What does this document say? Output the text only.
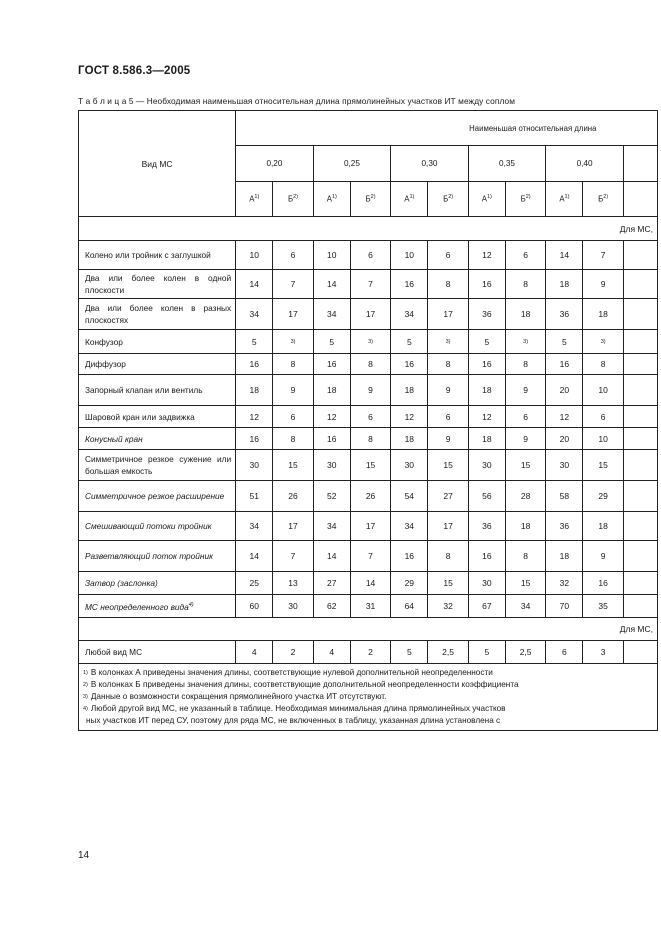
ГОСТ 8.586.3—2005
Т а б л и ц а 5 — Необходимая наименьшая относительная длина прямолинейных участков ИТ между соплом
Вид МС	Наименьшая относительная длина										
	0,20		0,25		0,30		0,35		0,40		
	$А^{1)}$	$Б^{2)}$	$А^{1)}$	$Б^{2)}$	$А^{1)}$	$Б^{2)}$	$А^{1)}$	$Б^{2)}$	$А^{1)}$	$Б^{2)}$	
Для МС,											
Колено или тройник с заглушкой	10	6	10	6	10	6	12	6	14	7	
Два или более колен в одной плоскости	14	7	14	7	16	8	16	8	18	9	
Два или более колен в разных плоскостях	34	17	34	17	34	17	36	18	36	18	
Конфузор	5	3)	5	3)	5	3)	5	3)	5	3)	
Диффузор	16	8	16	8	16	8	16	8	16	8	
Запорный клапан или вентиль	18	9	18	9	18	9	18	9	20	10	
Шаровой кран или задвижка	12	6	12	6	12	6	12	6	12	6	
Конусный кран	16	8	16	8	18	9	18	9	20	10	
Симметричное резкое сужение или большая емкость	30	15	30	15	30	15	30	15	30	15	
Симметричное резкое расширение	51	26	52	26	54	27	56	28	58	29	
Смешивающий потоки тройник	34	17	34	17	34	17	36	18	36	18	
Разветвляющий поток тройник	14	7	14	7	16	8	16	8	18	9	
Затвор (заслонка)	25	13	27	14	29	15	30	15	32	16	
МС неопределенного вида$^{4)}$	60	30	62	31	64	32	67	34	70	35	
Для МС,											
Любой вид МС	4	2	4	2	5	2,5	5	2,5	6	3	

$^{1)}$ В колонках А приведены значения длины, соответствующие нулевой дополнительной неопределенности
$^{2)}$ В колонках Б приведены значения длины, соответствующие дополнительной неопределенности коэффициента
$^{3)}$ Данные о возможности сокращения прямолинейного участка ИТ отсутствуют.
$^{4)}$ Любой другой вид МС, не указанный в таблице. Необходимая минимальная длина прямолинейных участков
ных участков ИТ перед СУ, поэтому для ряда МС, не включенных в таблицу, указанная длина установлена с											
14
